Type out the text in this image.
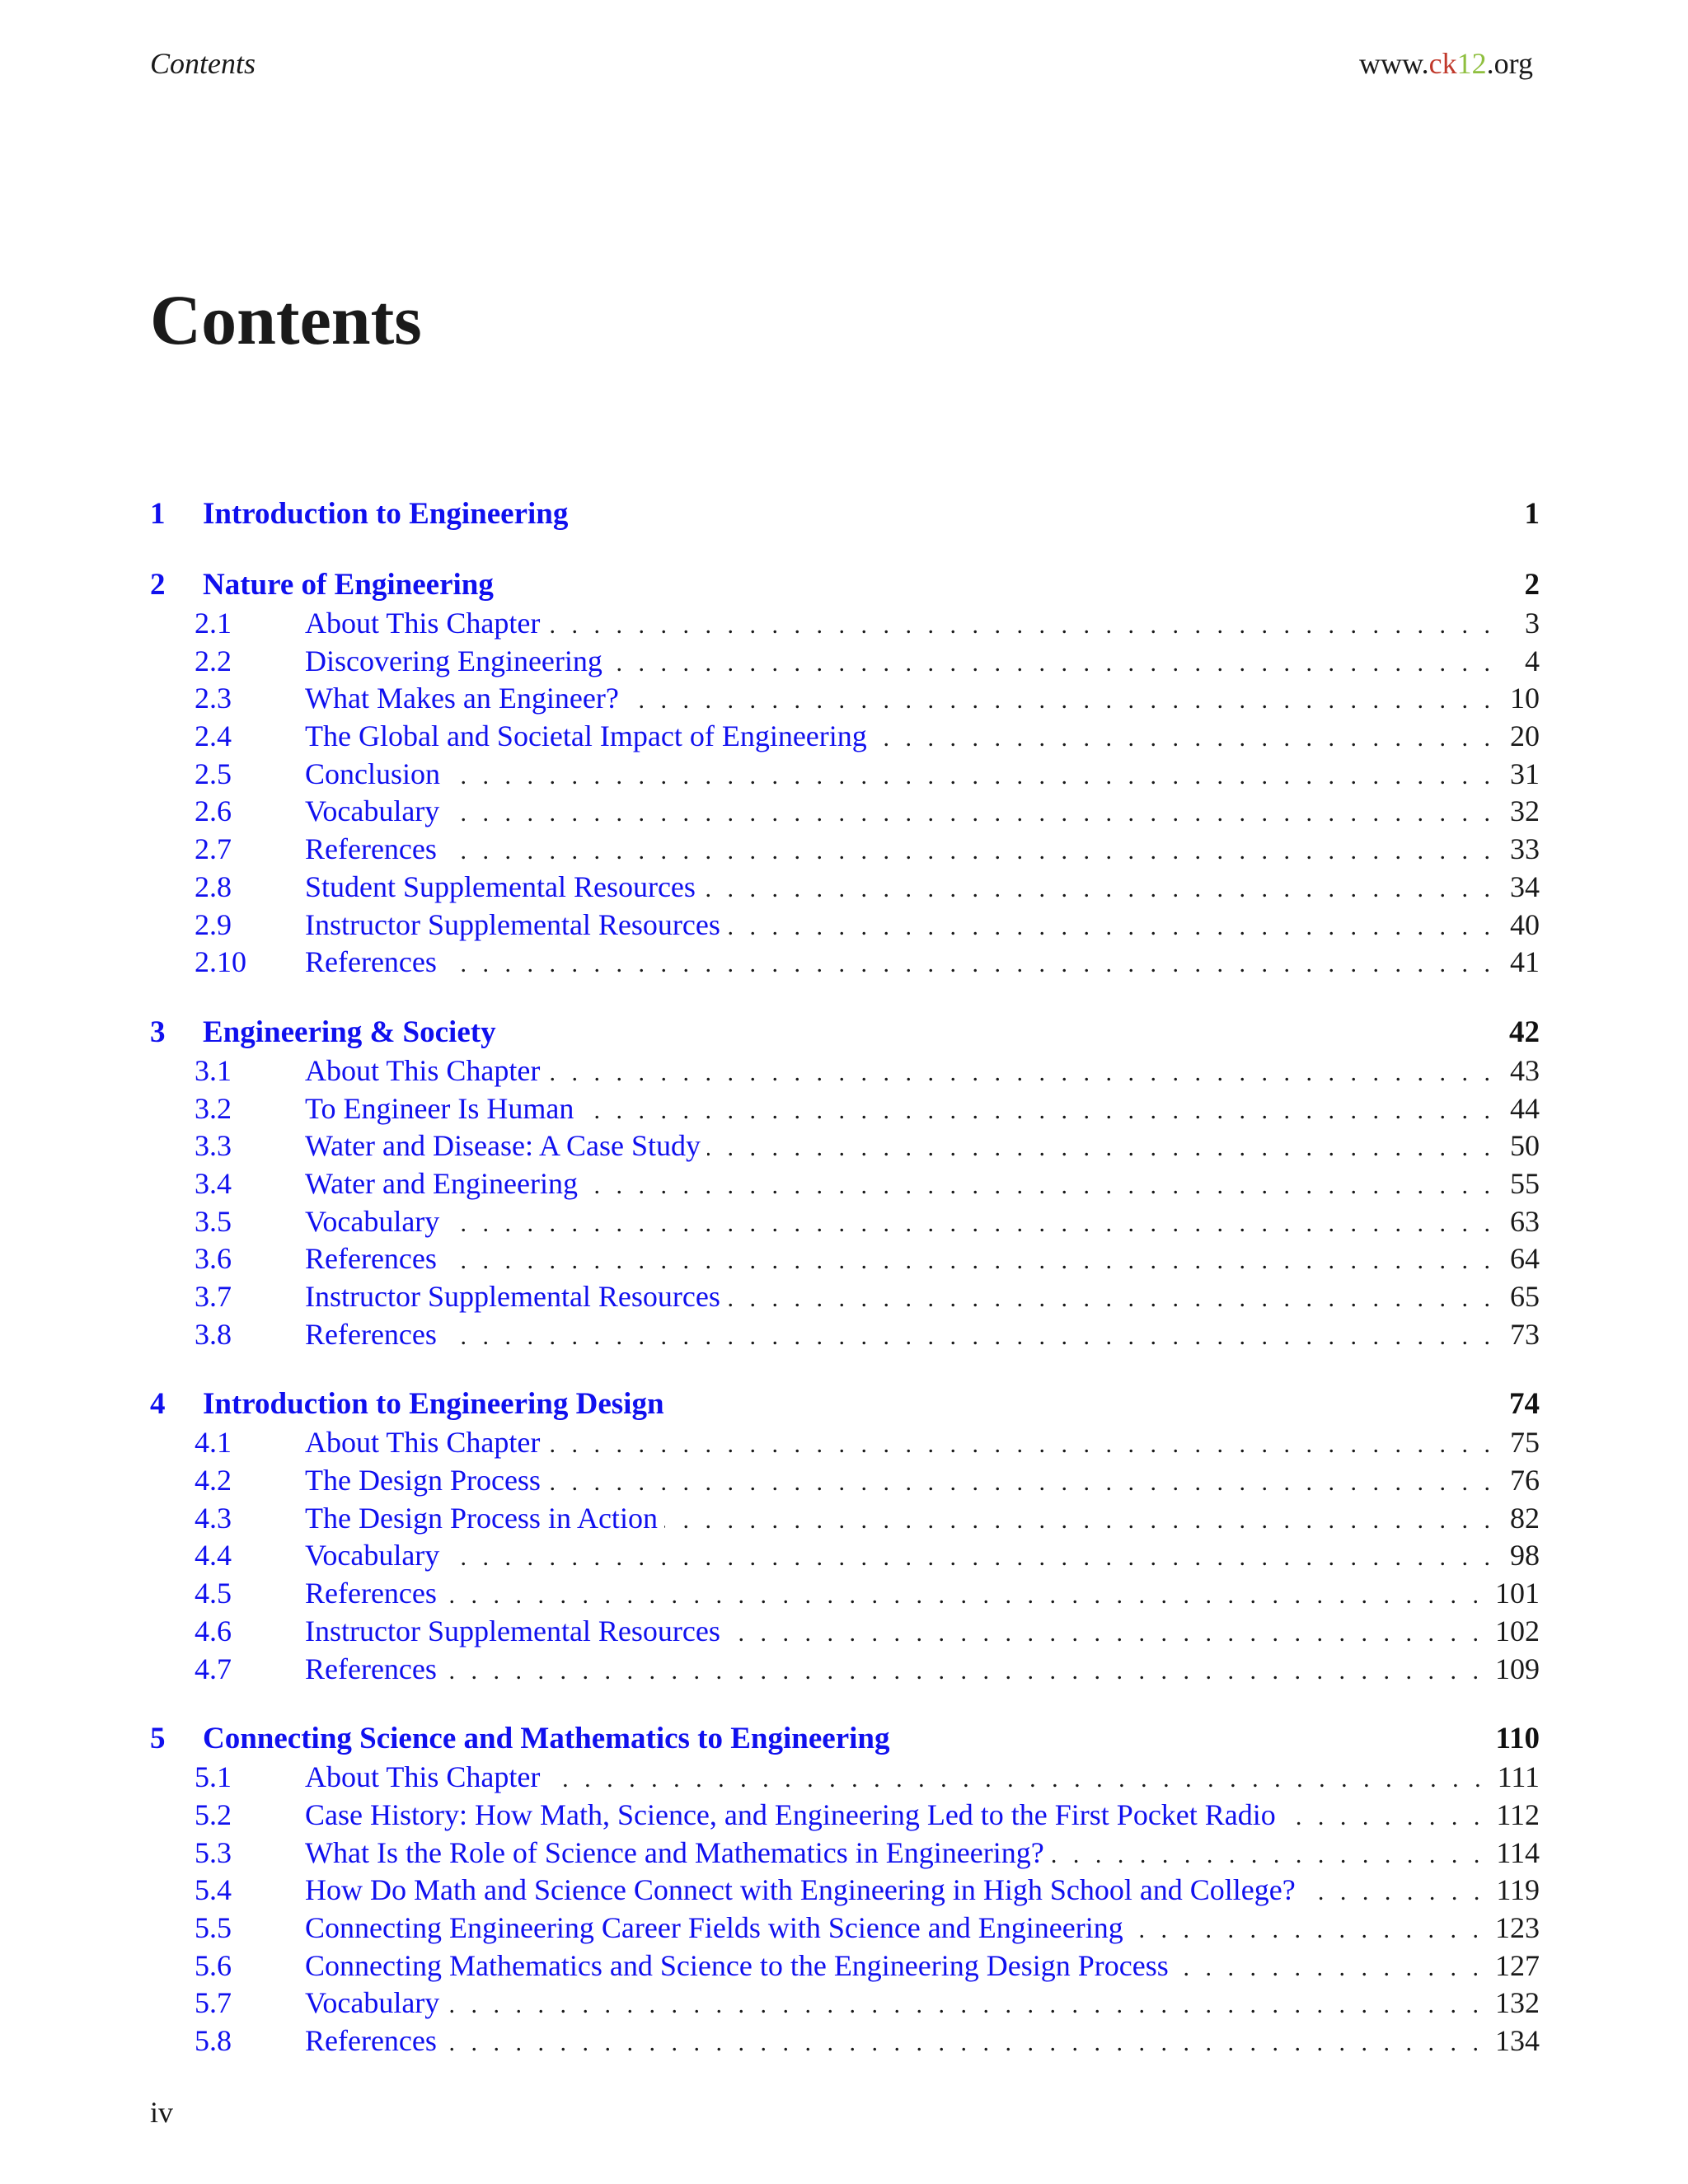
Contents	www.ck12.org
Contents
1	Introduction to Engineering	1
2	Nature of Engineering	2
2.1	About This Chapter . . .	3
2.2	Discovering Engineering . . .	4
2.3	What Makes an Engineer? . . .	10
2.4	The Global and Societal Impact of Engineering . . .	20
2.5	Conclusion . . .	31
2.6	Vocabulary . . .	32
2.7	References . . .	33
2.8	Student Supplemental Resources . . .	34
2.9	Instructor Supplemental Resources . . .	40
2.10	References . . .	41
3	Engineering & Society	42
3.1	About This Chapter . . .	43
3.2	To Engineer Is Human . . .	44
3.3	Water and Disease: A Case Study . . .	50
3.4	Water and Engineering . . .	55
3.5	Vocabulary . . .	63
3.6	References . . .	64
3.7	Instructor Supplemental Resources . . .	65
3.8	References . . .	73
4	Introduction to Engineering Design	74
4.1	About This Chapter . . .	75
4.2	The Design Process . . .	76
4.3	The Design Process in Action . . .	82
4.4	Vocabulary . . .	98
4.5	References . . .	101
4.6	Instructor Supplemental Resources . . .	102
4.7	References . . .	109
5	Connecting Science and Mathematics to Engineering	110
5.1	About This Chapter . . .	111
5.2	Case History: How Math, Science, and Engineering Led to the First Pocket Radio . . .	112
5.3	What Is the Role of Science and Mathematics in Engineering? . . .	114
5.4	How Do Math and Science Connect with Engineering in High School and College? . . .	119
5.5	Connecting Engineering Career Fields with Science and Engineering . . .	123
5.6	Connecting Mathematics and Science to the Engineering Design Process . . .	127
5.7	Vocabulary . . .	132
5.8	References . . .	134
iv
